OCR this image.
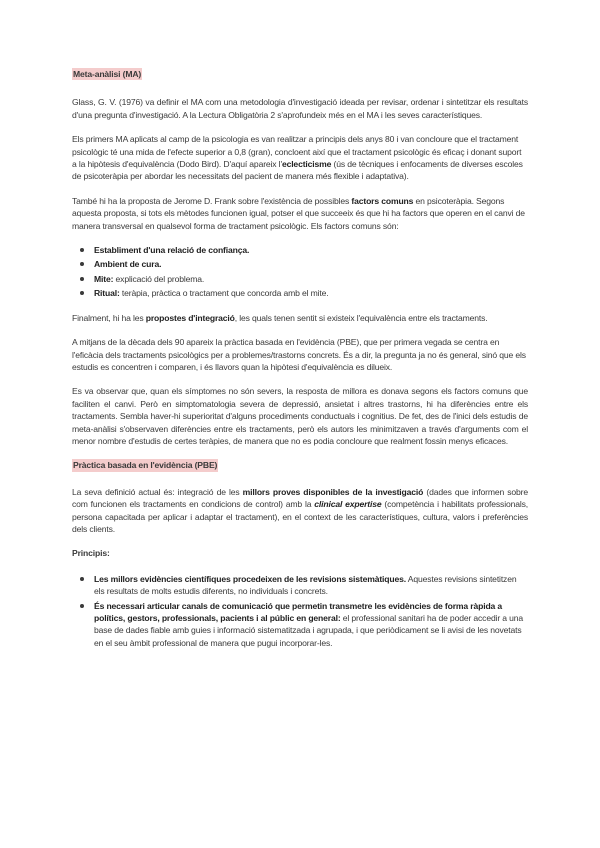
Meta-anàlisi (MA)

Glass, G. V. (1976) va definir el MA com una metodologia d'investigació ideada per revisar, ordenar i sintetitzar els resultats d'una pregunta d'investigació. A la Lectura Obligatòria 2 s'aprofundeix més en el MA i les seves característiques.

Els primers MA aplicats al camp de la psicologia es van realitzar a principis dels anys 80 i van concloure que el tractament psicològic té una mida de l'efecte superior a 0,8 (gran), concloent així que el tractament psicològic és eficaç i donant suport a la hipòtesis d'equivalència (Dodo Bird). D'aquí apareix l'eclecticisme (ús de tècniques i enfocaments de diverses escoles de psicoteràpia per abordar les necessitats del pacient de manera més flexible i adaptativa).

També hi ha la proposta de Jerome D. Frank sobre l'existència de possibles factors comuns en psicoteràpia. Segons aquesta proposta, si tots els mètodes funcionen igual, potser el que succeeix és que hi ha factors que operen en el canvi de manera transversal en qualsevol forma de tractament psicològic. Els factors comuns són:

Establiment d'una relació de confiança.
Ambient de cura.
Mite: explicació del problema.
Ritual: teràpia, pràctica o tractament que concorda amb el mite.

Finalment, hi ha les propostes d'integració, les quals tenen sentit si existeix l'equivalència entre els tractaments.

A mitjans de la dècada dels 90 apareix la pràctica basada en l'evidència (PBE), que per primera vegada se centra en l'eficàcia dels tractaments psicològics per a problemes/trastorns concrets. És a dir, la pregunta ja no és general, sinó que els estudis es concentren i comparen, i és llavors quan la hipòtesi d'equivalència es dilueix.

Es va observar que, quan els símptomes no són severs, la resposta de millora es donava segons els factors comuns que faciliten el canvi. Però en simptomatologia severa de depressió, ansietat i altres trastorns, hi ha diferències entre els tractaments. Sembla haver-hi superioritat d'alguns procediments conductuals i cognitius. De fet, des de l'inici dels estudis de meta-anàlisi s'observaven diferències entre els tractaments, però els autors les minimitzaven a través d'arguments com el menor nombre d'estudis de certes teràpies, de manera que no es podia concloure que realment fossin menys eficaces.

Pràctica basada en l'evidència (PBE)

La seva definició actual és: integració de les millors proves disponibles de la investigació (dades que informen sobre com funcionen els tractaments en condicions de control) amb la clinical expertise (competència i habilitats professionals, persona capacitada per aplicar i adaptar el tractament), en el context de les característiques, cultura, valors i preferències dels clients.

Principis:
Les millors evidències científiques procedeixen de les revisions sistemàtiques. Aquestes revisions sintetitzen els resultats de molts estudis diferents, no individuals i concrets.
És necessari articular canals de comunicació que permetin transmetre les evidències de forma ràpida a polítics, gestors, professionals, pacients i al públic en general: el professional sanitari ha de poder accedir a una base de dades fiable amb guies i informació sistematitzada i agrupada, i que periòdicament se li avisi de les novetats en el seu àmbit professional de manera que pugui incorporar-les.
